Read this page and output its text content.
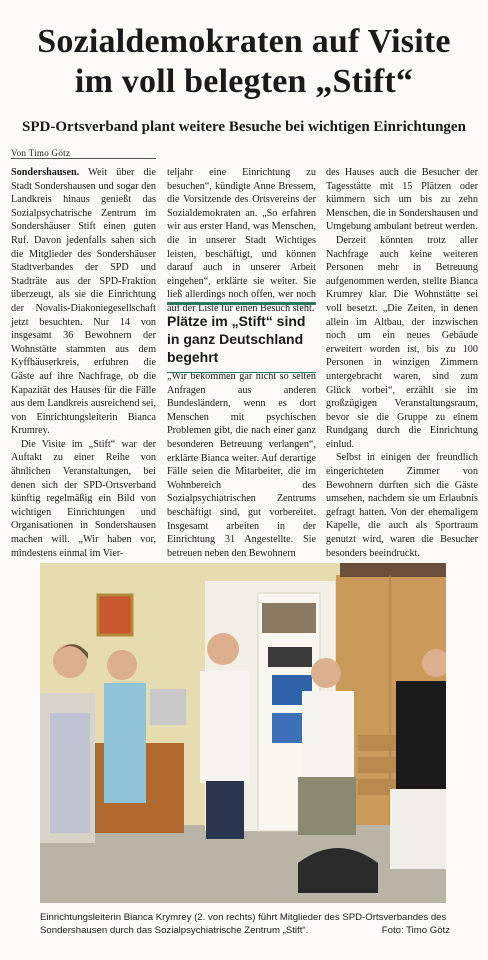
Sozialdemokraten auf Visite
im voll belegten „Stift“
SPD-Ortsverband plant weitere Besuche bei wichtigen Einrichtungen
Von Timo Götz

Sondershausen. Weit über die Stadt Sondershausen und sogar den Landkreis hinaus genießt das Sozialpsychatrische Zentrum im Sondershäuser Stift einen guten Ruf. Davon jedenfalls sahen sich die Mitglieder des Sondershäuser Stadtverbandes der SPD und Stadträte aus der SPD-Fraktion überzeugt, als sie die Einrichtung der Novalis-Diakoniegesellschaft jetzt besuchten. Nur 14 von insgesamt 36 Bewohnern der Wohnstätte stammten aus dem Kyffhäuserkreis, erfuhren die Gäste auf ihre Nachfrage, ob die Kapazität des Hauses für die Fälle aus dem Landkreis ausreichend sei, von Einrichtungsleiterin Bianca Krumrey.

Die Visite im „Stift“ war der Auftakt zu einer Reihe von ähnlichen Veranstaltungen, bei denen sich der SPD-Ortsverband künftig regelmäßig ein Bild von wichtigen Einrichtungen und Organisationen in Sondershausen machen will. „Wir haben vor, mindestens einmal im Vier-

teljahr eine Einrichtung zu besuchen“, kündigte Anne Bressem, die Vorsitzende des Ortsvereins der Sozialdemokraten an. „So erfahren wir aus erster Hand, was Menschen, die in unserer Stadt Wichtiges leisten, beschäftigt, und können darauf auch in unserer Arbeit eingehen“, erklärte sie weiter. Sie ließ allerdings noch offen, wer noch auf der Liste für einen Besuch steht.

„Wir bekommen gar nicht so selten Anfragen aus anderen Bundesländern, wenn es dort Menschen mit psychischen Problemen gibt, die nach einer ganz besonderen Betreuung verlangen“, erklärte Bianca weiter. Auf derartige Fälle seien die Mitarbeiter, die im Wohnbereich des Sozialpsychiatrischen Zentrums beschäftigt sind, gut vorbereitet. Insgesamt arbeiten in der Einrichtung 31 Angestellte. Sie betreuen neben den Bewohnern

Plätze im „Stift“ sind in ganz Deutschland begehrt

des Hauses auch die Besucher der Tagesstätte mit 15 Plätzen oder kümmern sich um bis zu zehn Menschen, die in Sondershausen und Umgebung ambulant betreut werden.

Derzeit könnten trotz aller Nachfrage auch keine weiteren Personen mehr in Betreuung aufgenommen werden, stellte Bianca Krumrey klar. Die Wohnstätte sei voll besetzt. „Die Zeiten, in denen allein im Altbau, der inzwischen noch um ein neues Gebäude erweitert worden ist, bis zu 100 Personen in winzigen Zimmern untergebracht waren, sind zum Glück vorbei“, erzählt sie im großzügigen Veranstaltungsraum, bevor sie die Gruppe zu einem Rundgang durch die Einrichtung einlud.

Selbst in einigen der freundlich eingerichteten Zimmer von Bewohnern durften sich die Gäste umsehen, nachdem sie um Erlaubnis gefragt hatten. Von der ehemaligem Kapelle, die auch als Sportraum genutzt wird, waren die Besucher besonders beeindruckt.

Einrichtungsleiterin Bianca Krymrey (2. von rechts) führt Mitglieder des SPD-Ortsverbandes des Sondershausen durch das Sozialpsychiatrische Zentrum „Stift“.	Foto: Timo Götz
